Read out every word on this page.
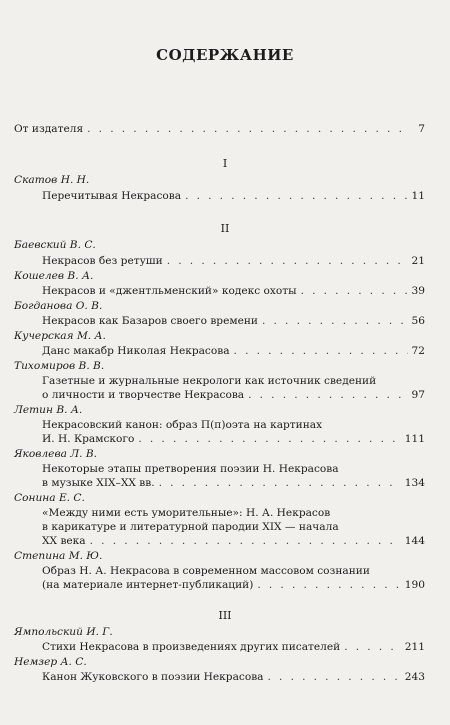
СОДЕРЖАНИЕ
От издателя . . .	7
I
Скатов Н. Н.
Перечитывая Некрасова . . .	11
II
Баевский В. С.
Некрасов без ретуши . . .	21
Кошелев В. А.
Некрасов и «джентльменский» кодекс охоты . . .	39
Богданова О. В.
Некрасов как Базаров своего времени . . .	56
Кучерская М. А.
Данс макабр Николая Некрасова . . .	72
Тихомиров В. В.
Газетные и журнальные некрологи как источник сведений
о личности и творчестве Некрасова . . .	97
Летин В. А.
Некрасовский канон: образ П(п)оэта на картинах
И. Н. Крамского . . .	111
Яковлева Л. В.
Некоторые этапы претворения поэзии Н. Некрасова
в музыке XIX–XX вв. . . .	134
Сонина Е. С.
«Между ними есть уморительные»: Н. А. Некрасов
в карикатуре и литературной пародии XIX — начала
XX века . . .	144
Степина М. Ю.
Образ Н. А. Некрасова в современном массовом сознании
(на материале интернет-публикаций) . . .	190
III
Ямпольский И. Г.
Стихи Некрасова в произведениях других писателей . . .	211
Немзер А. С.
Канон Жуковского в поэзии Некрасова . . .	243
